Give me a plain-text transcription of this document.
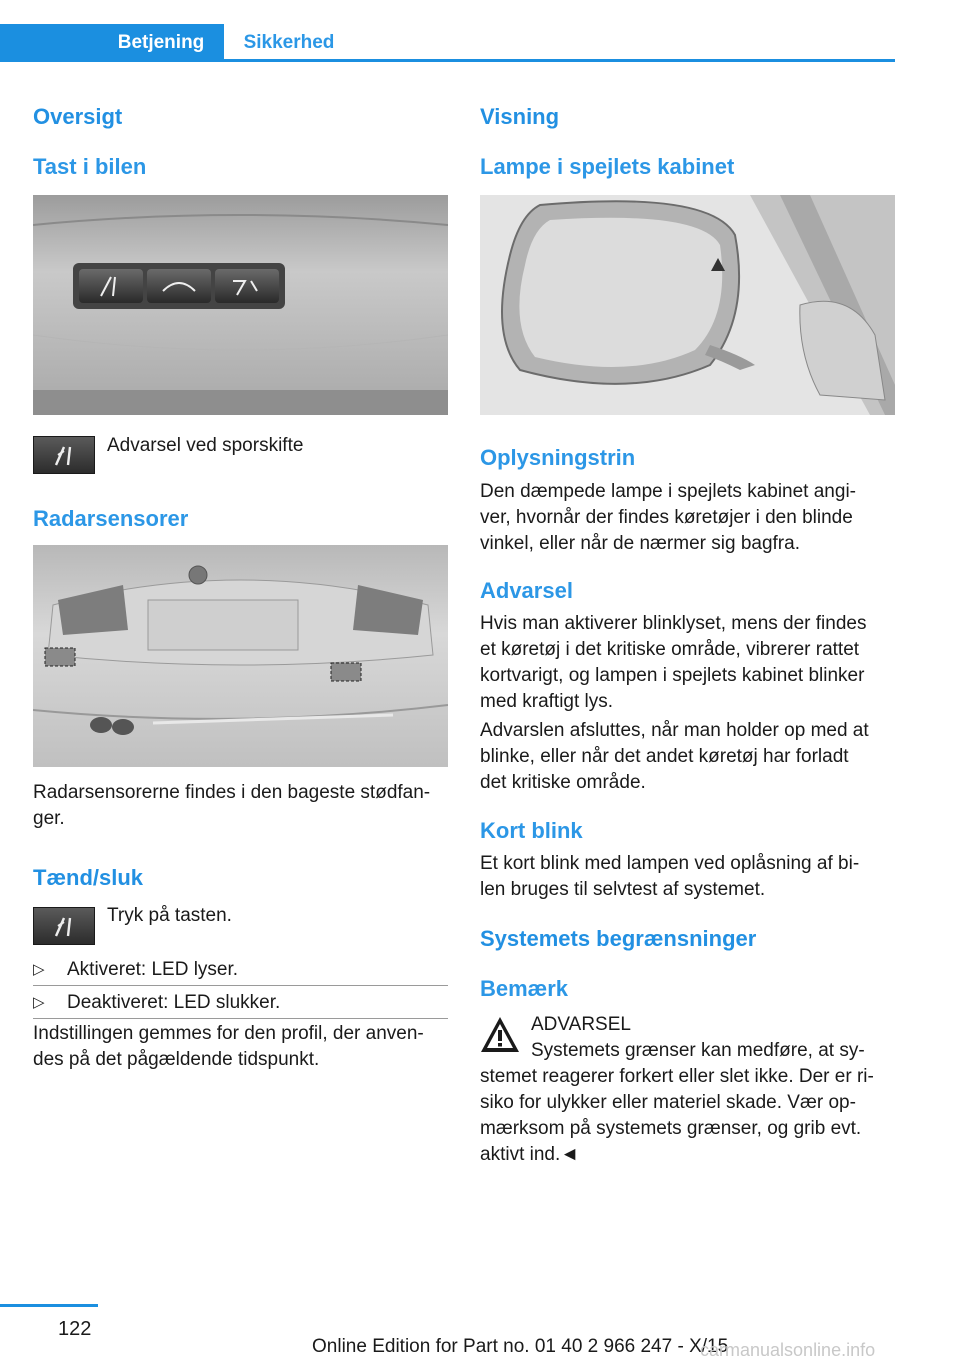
Betjening	Sikkerhed
Oversigt
Tast i bilen
Advarsel ved sporskifte
Radarsensorer
Radarsensorerne findes i den bageste stødfan-
ger.
Tænd/sluk
Tryk på tasten.
▷ Aktiveret: LED lyser.
▷ Deaktiveret: LED slukker.
Indstillingen gemmes for den profil, der anven-
des på det pågældende tidspunkt.
Visning
Lampe i spejlets kabinet
Oplysningstrin
Den dæmpede lampe i spejlets kabinet angi-
ver, hvornår der findes køretøjer i den blinde
vinkel, eller når de nærmer sig bagfra.
Advarsel
Hvis man aktiverer blinklyset, mens der findes
et køretøj i det kritiske område, vibrerer rattet
kortvarigt, og lampen i spejlets kabinet blinker
med kraftigt lys.
Advarslen afsluttes, når man holder op med at
blinke, eller når det andet køretøj har forladt
det kritiske område.
Kort blink
Et kort blink med lampen ved oplåsning af bi-
len bruges til selvtest af systemet.
Systemets begrænsninger
Bemærk
ADVARSEL
Systemets grænser kan medføre, at sy-
stemet reagerer forkert eller slet ikke. Der er ri-
siko for ulykker eller materiel skade. Vær op-
mærksom på systemets grænser, og grib evt.
aktivt ind.◄
122
Online Edition for Part no. 01 40 2 966 247 - X/15
carmanualsonline.info
